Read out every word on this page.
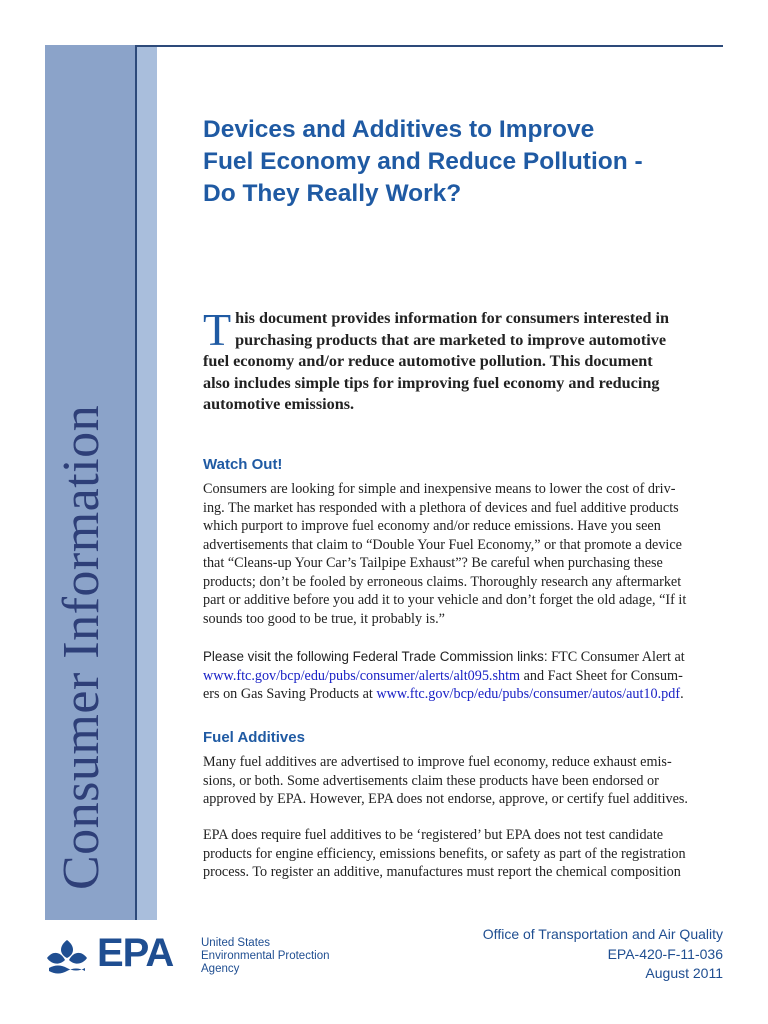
Consumer Information
Devices and Additives to Improve
Fuel Economy and Reduce Pollution -
Do They Really Work?
T his document provides information for consumers interested in
purchasing products that are marketed to improve automotive
fuel economy and/or reduce automotive pollution. This document
also includes simple tips for improving fuel economy and reducing
automotive emissions.
Watch Out!

Consumers are looking for simple and inexpensive means to lower the cost of driv-
ing. The market has responded with a plethora of devices and fuel additive products
which purport to improve fuel economy and/or reduce emissions. Have you seen
advertisements that claim to “Double Your Fuel Economy,” or that promote a device
that “Cleans-up Your Car’s Tailpipe Exhaust”? Be careful when purchasing these
products; don’t be fooled by erroneous claims. Thoroughly research any aftermarket
part or additive before you add it to your vehicle and don’t forget the old adage, “If it
sounds too good to be true, it probably is.”

Please visit the following Federal Trade Commission links: FTC Consumer Alert at
www.ftc.gov/bcp/edu/pubs/consumer/alerts/alt095.shtm and Fact Sheet for Consum-
ers on Gas Saving Products at www.ftc.gov/bcp/edu/pubs/consumer/autos/aut10.pdf.

Fuel Additives

Many fuel additives are advertised to improve fuel economy, reduce exhaust emis-
sions, or both. Some advertisements claim these products have been endorsed or
approved by EPA. However, EPA does not endorse, approve, or certify fuel additives.

EPA does require fuel additives to be ‘registered’ but EPA does not test candidate
products for engine efficiency, emissions benefits, or safety as part of the registration
process. To register an additive, manufactures must report the chemical composition

EPA United States
Environmental Protection
Agency
Office of Transportation and Air Quality
EPA-420-F-11-036
August 2011
